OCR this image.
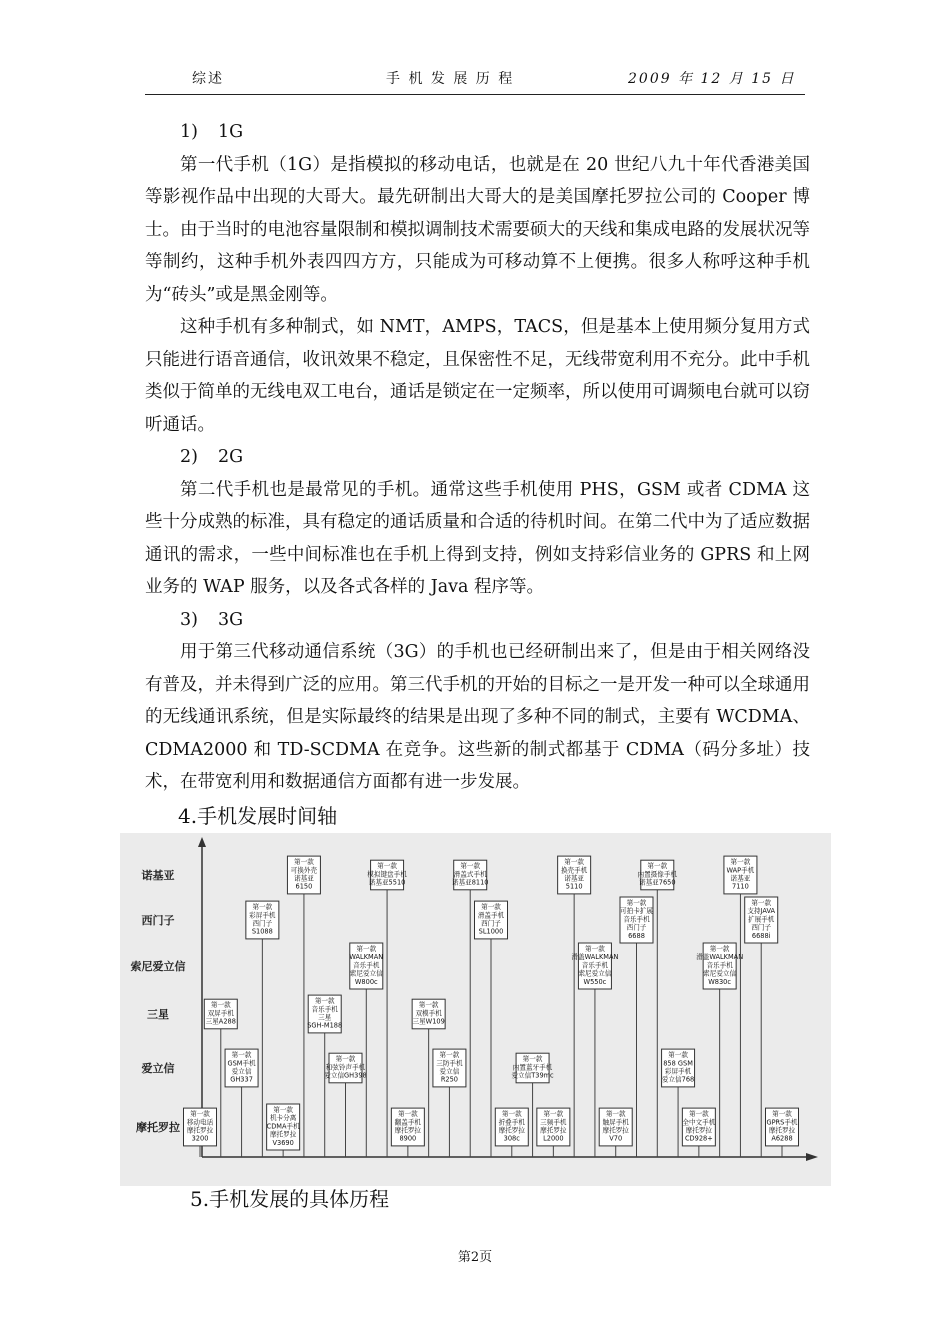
综述	手 机 发 展 历 程	2009 年 12 月 15 日

1) 1G

第一代手机（1G）是指模拟的移动电话，也就是在 20 世纪八九十年代香港美国等影视作品中出现的大哥大。最先研制出大哥大的是美国摩托罗拉公司的 Cooper 博士。由于当时的电池容量限制和模拟调制技术需要硕大的天线和集成电路的发展状况等等制约，这种手机外表四四方方，只能成为可移动算不上便携。很多人称呼这种手机为“砖头”或是黑金刚等。

这种手机有多种制式，如 NMT，AMPS，TACS，但是基本上使用频分复用方式只能进行语音通信，收讯效果不稳定，且保密性不足，无线带宽利用不充分。此中手机类似于简单的无线电双工电台，通话是锁定在一定频率，所以使用可调频电台就可以窃听通话。

2) 2G

第二代手机也是最常见的手机。通常这些手机使用 PHS，GSM 或者 CDMA 这些十分成熟的标准，具有稳定的通话质量和合适的待机时间。在第二代中为了适应数据通讯的需求，一些中间标准也在手机上得到支持，例如支持彩信业务的 GPRS 和上网业务的 WAP 服务，以及各式各样的 Java 程序等。

3) 3G

用于第三代移动通信系统（3G）的手机也已经研制出来了，但是由于相关网络没有普及，并未得到广泛的应用。第三代手机的开始的目标之一是开发一种可以全球通用的无线通讯系统，但是实际最终的结果是出现了多种不同的制式，主要有 WCDMA、CDMA2000 和 TD-SCDMA 在竞争。这些新的制式都基于 CDMA（码分多址）技术，在带宽利用和数据通信方面都有进一步发展。

4.手机发展时间轴
诺基亚
西门子
索尼爱立信
三星
爱立信
摩托罗拉
第一款
移动电话
摩托罗拉
3200
第一款
双屏手机
三星A288
第一款
GSM手机
爱立信
GH337
第一款
彩屏手机
西门子
S1088
第一款
机卡分离
CDMA手机
摩托罗拉
V3690
第一款
可换外壳
诺基亚
6150
第一款
音乐手机
三星
SGH-M188
第一款
和弦铃声手机
爱立信GH398
第一款
WALKMAN
音乐手机
索尼爱立信
W800c
第一款
模拟键盘手机
诺基亚5510
第一款
翻盖手机
摩托罗拉
8900
第一款
双模手机
三星W109
第一款
三防手机
爱立信
R250
第一款
滑盖式手机
诺基亚8110
第一款
滑盖手机
西门子
SL1000
第一款
折叠手机
摩托罗拉
308c
第一款
内置蓝牙手机
爱立信T39mc
第一款
三频手机
摩托罗拉
L2000
第一款
换壳手机
诺基亚
5110
第一款
滑盖WALKMAN
音乐手机
索尼爱立信
W550c
第一款
触屏手机
摩托罗拉
V70
第一款
可拍卡扩展
音乐手机
西门子
6688
第一款
内置摄像手机
诺基亚7650
第一款
858 GSM
彩屏手机
爱立信768
第一款
全中文手机
摩托罗拉
CD928+
第一款
滑盖WALKMAN
音乐手机
索尼爱立信
W830c
第一款
WAP手机
诺基亚
7110
第一款
支持JAVA
扩展手机
西门子
6688i
第一款
GPRS手机
摩托罗拉
A6288
5.手机发展的具体历程
第2页
